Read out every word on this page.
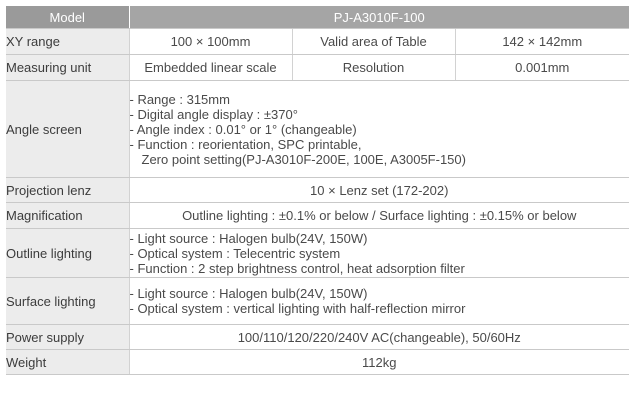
Model	PJ-A3010F-100		
XY range	100 × 100mm	Valid area of Table	142 × 142mm
Measuring unit	Embedded linear scale	Resolution	0.001mm
Angle screen	- Range : 315mm
- Digital angle display : ±370°
- Angle index : 0.01° or 1° (changeable)
- Function : reorientation, SPC printable,
Zero point setting(PJ-A3010F-200E, 100E, A3005F-150)		

Projection lenz	10 × Lenz set (172-202)		
Magnification	Outline lighting : ±0.1% or below / Surface lighting : ±0.15% or below		
Outline lighting	- Light source : Halogen bulb(24V, 150W)
- Optical system : Telecentric system
- Function : 2 step brightness control, heat adsorption filter		

Surface lighting	- Light source : Halogen bulb(24V, 150W)
- Optical system : vertical lighting with half-reflection mirror		

Power supply	100/110/120/220/240V AC(changeable), 50/60Hz		
Weight	112kg		
